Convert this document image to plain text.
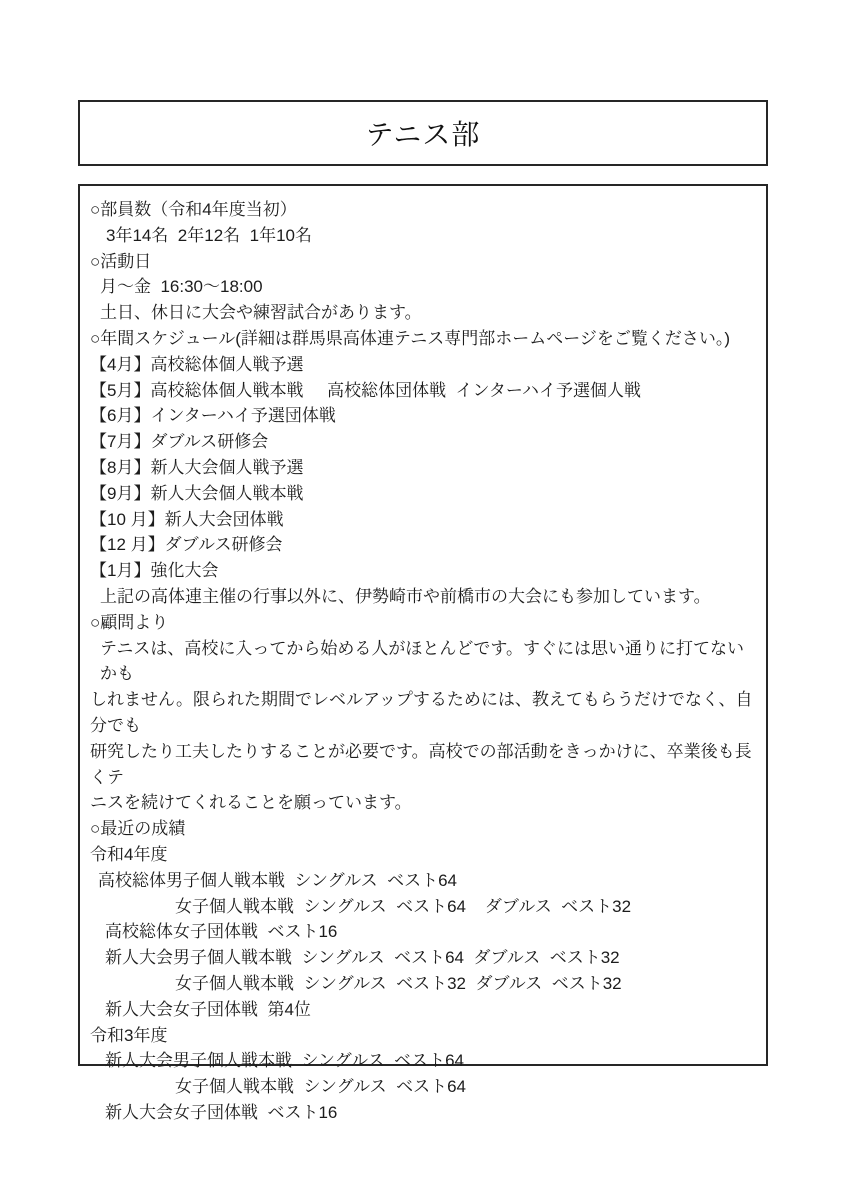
テニス部
○部員数（令和4年度当初）
3年14名  2年12名  1年10名
○活動日
月～金  16:30～18:00
土日、休日に大会や練習試合があります。
○年間スケジュール(詳細は群馬県高体連テニス専門部ホームページをご覧ください。)
【4月】高校総体個人戦予選
【5月】高校総体個人戦本戦     高校総体団体戦  インターハイ予選個人戦
【6月】インターハイ予選団体戦
【7月】ダブルス研修会
【8月】新人大会個人戦予選
【9月】新人大会個人戦本戦
【10 月】新人大会団体戦
【12 月】ダブルス研修会
【1月】強化大会
上記の高体連主催の行事以外に、伊勢崎市や前橋市の大会にも参加しています。
○顧問より
テニスは、高校に入ってから始める人がほとんどです。すぐには思い通りに打てないかも
しれません。限られた期間でレベルアップするためには、教えてもらうだけでなく、自分でも
研究したり工夫したりすることが必要です。高校での部活動をきっかけに、卒業後も長くテ
ニスを続けてくれることを願っています。
○最近の成績
令和4年度
高校総体男子個人戦本戦  シングルス  ベスト64
女子個人戦本戦  シングルス  ベスト64    ダブルス  ベスト32
高校総体女子団体戦  ベスト16
新人大会男子個人戦本戦  シングルス  ベスト64  ダブルス  ベスト32
女子個人戦本戦  シングルス  ベスト32  ダブルス  ベスト32
新人大会女子団体戦  第4位
令和3年度
新人大会男子個人戦本戦  シングルス  ベスト64
女子個人戦本戦  シングルス  ベスト64
新人大会女子団体戦  ベスト16
